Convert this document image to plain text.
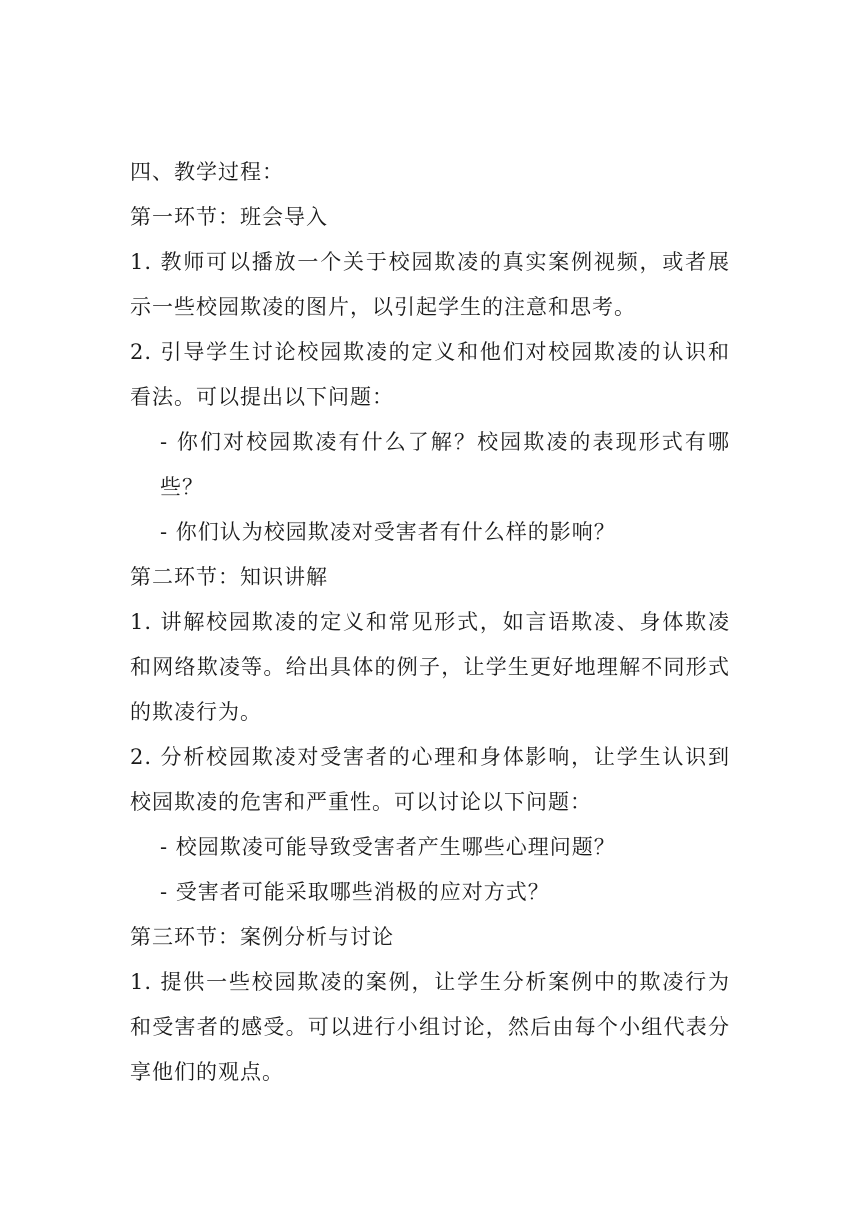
四、教学过程：

第一环节：班会导入

1. 教师可以播放一个关于校园欺凌的真实案例视频，或者展示一些校园欺凌的图片，以引起学生的注意和思考。

2. 引导学生讨论校园欺凌的定义和他们对校园欺凌的认识和看法。可以提出以下问题：

- 你们对校园欺凌有什么了解？校园欺凌的表现形式有哪些？

- 你们认为校园欺凌对受害者有什么样的影响？

第二环节：知识讲解

1. 讲解校园欺凌的定义和常见形式，如言语欺凌、身体欺凌和网络欺凌等。给出具体的例子，让学生更好地理解不同形式的欺凌行为。

2. 分析校园欺凌对受害者的心理和身体影响，让学生认识到校园欺凌的危害和严重性。可以讨论以下问题：

- 校园欺凌可能导致受害者产生哪些心理问题？

- 受害者可能采取哪些消极的应对方式？

第三环节：案例分析与讨论

1. 提供一些校园欺凌的案例，让学生分析案例中的欺凌行为和受害者的感受。可以进行小组讨论，然后由每个小组代表分享他们的观点。
